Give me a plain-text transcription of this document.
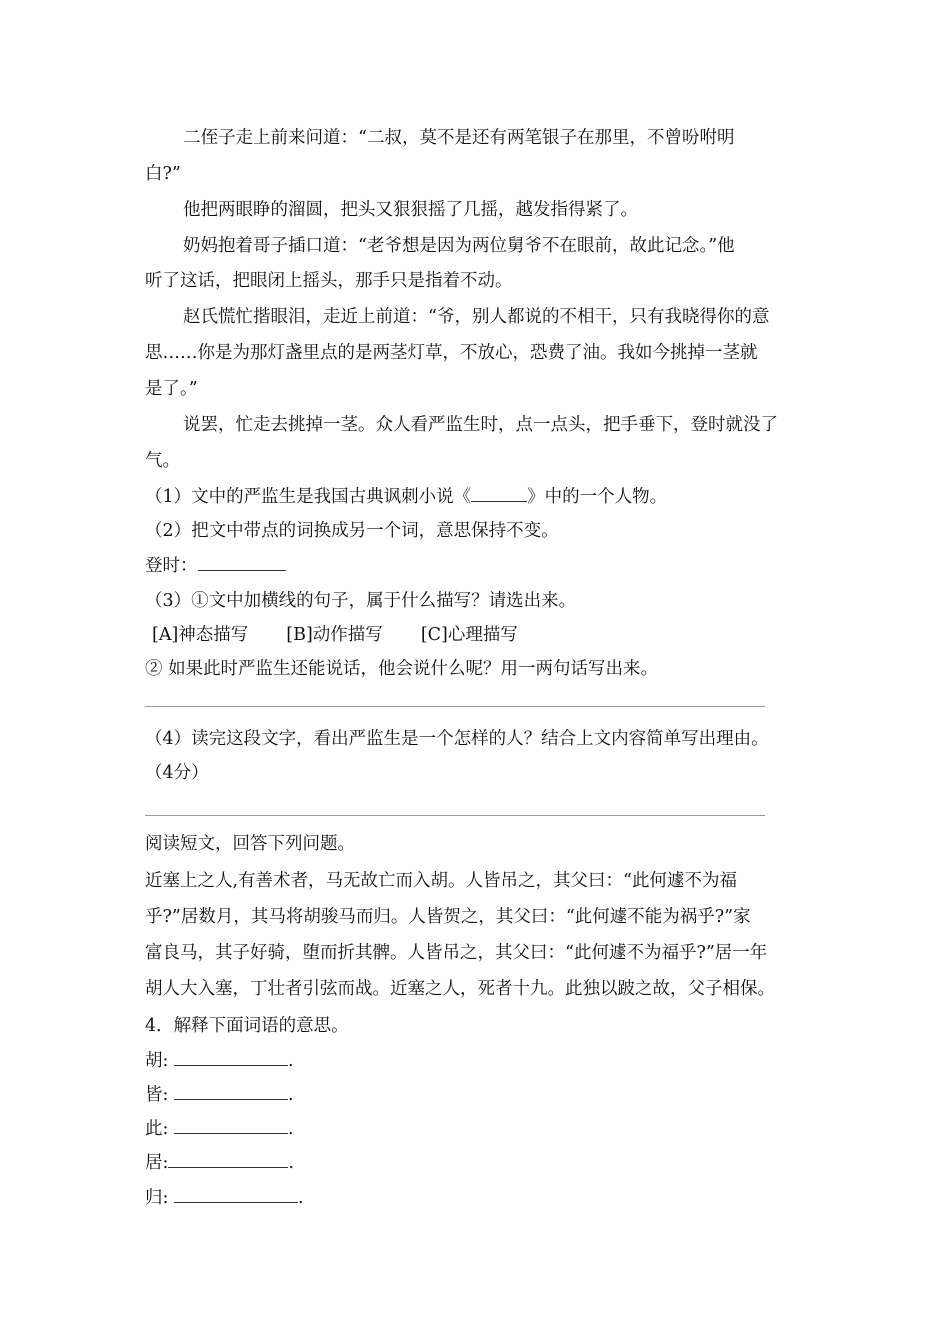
二侄子走上前来问道：“二叔，莫不是还有两笔银子在那里，不曾吩咐明
白?”
他把两眼睁的溜圆，把头又狠狠摇了几摇，越发指得紧了。
奶妈抱着哥子插口道：“老爷想是因为两位舅爷不在眼前，故此记念。”他
听了这话，把眼闭上摇头，那手只是指着不动。
赵氏慌忙揩眼泪，走近上前道：“爷，别人都说的不相干，只有我晓得你的意
思……你是为那灯盏里点的是两茎灯草，不放心，恐费了油。我如今挑掉一茎就
是了。”
说罢，忙走去挑掉一茎。众人看严监生时，点一点头，把手垂下，登时就没了
气。
（1）文中的严监生是我国古典讽刺小说《	》中的一个人物。
（2）把文中带点的词换成另一个词，意思保持不变。
登时：
（3）①文中加横线的句子，属于什么描写？请选出来。
[A]神态描写 [B]动作描写 [C]心理描写
② 如果此时严监生还能说话，他会说什么呢？用一两句话写出来。
（4）读完这段文字，看出严监生是一个怎样的人？结合上文内容简单写出理由。
（4分）
阅读短文，回答下列问题。
近塞上之人,有善术者，马无故亡而入胡。人皆吊之，其父曰：“此何遽不为福
乎?”居数月，其马将胡骏马而归。人皆贺之，其父曰：“此何遽不能为祸乎?”家
富良马，其子好骑，堕而折其髀。人皆吊之，其父曰：“此何遽不为福乎?”居一年
胡人大入塞，丁壮者引弦而战。近塞之人，死者十九。此独以跛之故，父子相保。
4．解释下面词语的意思。
胡:	.
皆:	.
此:	.
居:	.
归:	.
